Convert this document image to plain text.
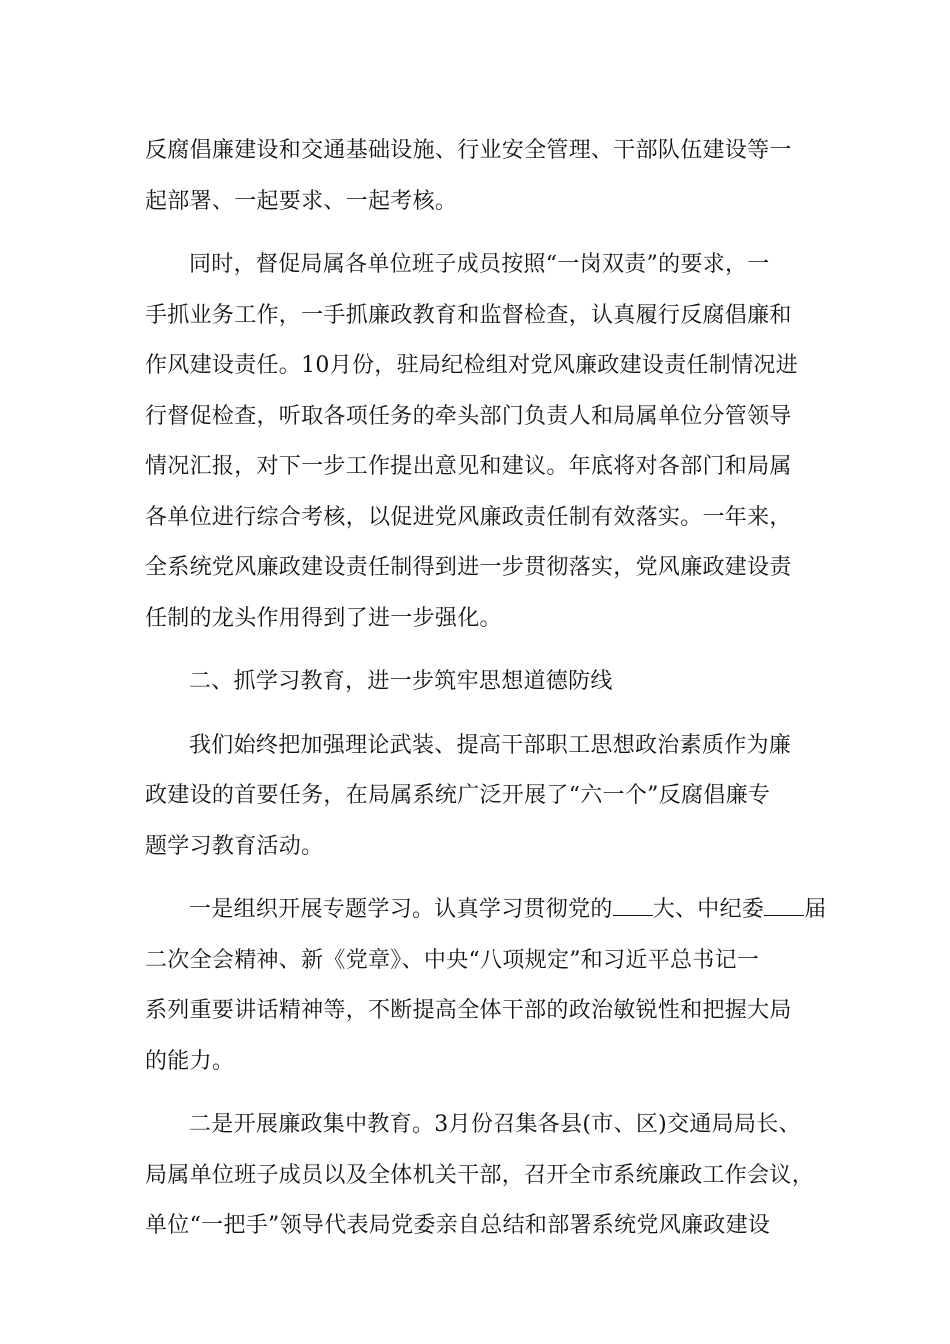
反腐倡廉建设和交通基础设施、行业安全管理、干部队伍建设等一
起部署、一起要求、一起考核。
同时，督促局属各单位班子成员按照“一岗双责”的要求，一
手抓业务工作，一手抓廉政教育和监督检查，认真履行反腐倡廉和
作风建设责任。10月份，驻局纪检组对党风廉政建设责任制情况进
行督促检查，听取各项任务的牵头部门负责人和局属单位分管领导
情况汇报，对下一步工作提出意见和建议。年底将对各部门和局属
各单位进行综合考核，以促进党风廉政责任制有效落实。一年来，
全系统党风廉政建设责任制得到进一步贯彻落实，党风廉政建设责
任制的龙头作用得到了进一步强化。
二、抓学习教育，进一步筑牢思想道德防线
我们始终把加强理论武装、提高干部职工思想政治素质作为廉
政建设的首要任务，在局属系统广泛开展了“六一个”反腐倡廉专
题学习教育活动。
一是组织开展专题学习。认真学习贯彻党的 大、中纪委 届
二次全会精神、新《党章》、中央“八项规定”和习近平总书记一
系列重要讲话精神等，不断提高全体干部的政治敏锐性和把握大局
的能力。
二是开展廉政集中教育。3月份召集各县(市、区)交通局局长、
局属单位班子成员以及全体机关干部，召开全市系统廉政工作会议，
单位“一把手”领导代表局党委亲自总结和部署系统党风廉政建设
